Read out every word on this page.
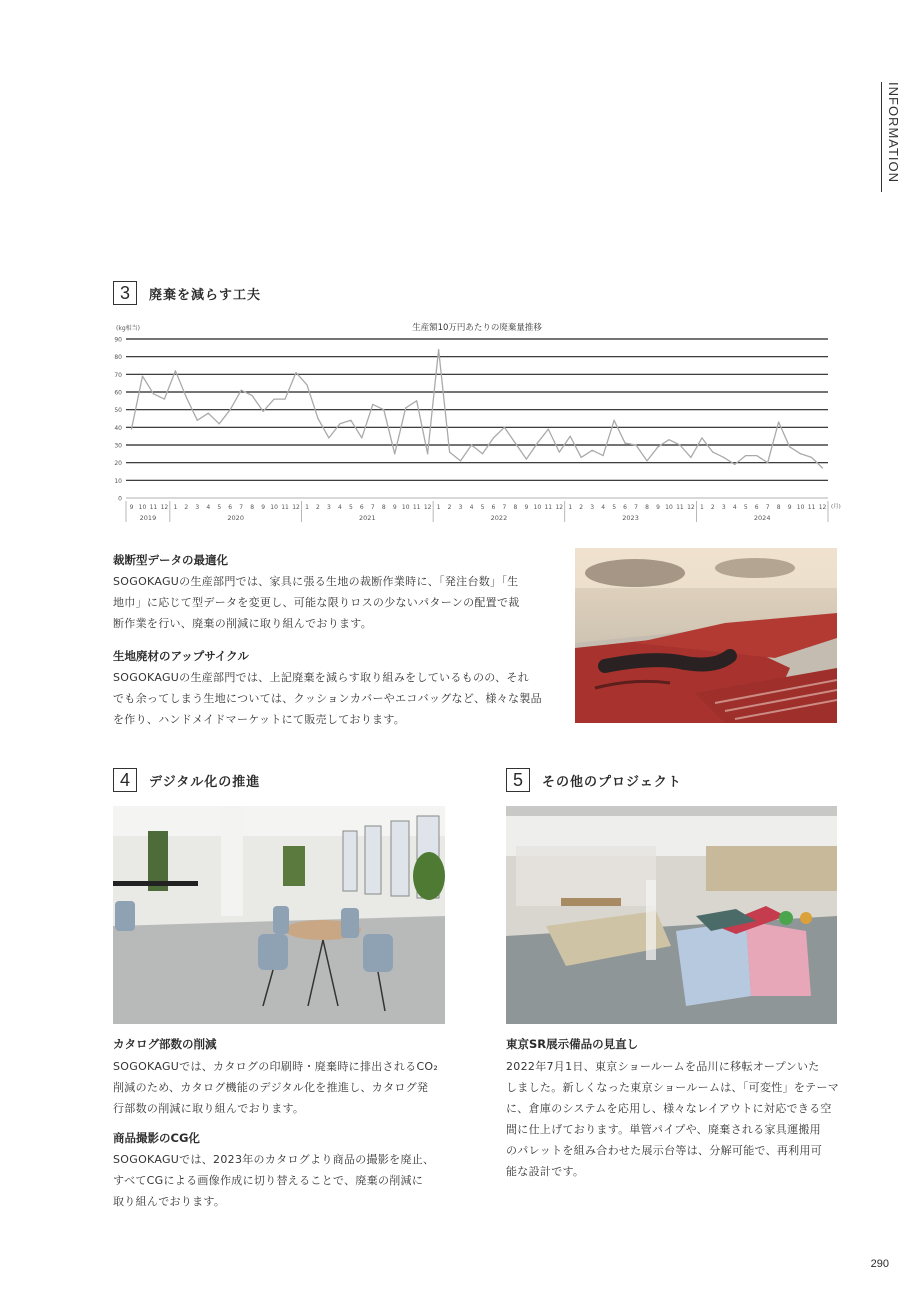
INFORMATION
3	廃棄を減らす工夫
生産額10万円あたりの廃棄量推移
(kg相当)
0
10
20
30
40
50
60
70
80
90
9 10 11 12 1 2 3 4 5 6 7 8 9 10 11 12 1 2 3 4 5 6 7 8 9 10 11 12 1 2 3 4 5 6 7 8 9 10 11 12 1 2 3 4 5 6 7 8 9 10 11 12 1 2 3 4 5 6 7 8 9 10 11 12
2019	2020	2021	2022	2023	2024
(月)
裁断型データの最適化
SOGOKAGUの生産部門では、家具に張る生地の裁断作業時に、「発注台数」「生
地巾」に応じて型データを変更し、可能な限りロスの少ないパターンの配置で裁
断作業を行い、廃棄の削減に取り組んでおります。
生地廃材のアップサイクル
SOGOKAGUの生産部門では、上記廃棄を減らす取り組みをしているものの、それ
でも余ってしまう生地については、クッションカバーやエコバッグなど、様々な製品
を作り、ハンドメイドマーケットにて販売しております。
4	デジタル化の推進
カタログ部数の削減
SOGOKAGUでは、カタログの印刷時・廃棄時に排出されるCO₂
削減のため、カタログ機能のデジタル化を推進し、カタログ発
行部数の削減に取り組んでおります。
商品撮影のCG化
SOGOKAGUでは、2023年のカタログより商品の撮影を廃止、
すべてCGによる画像作成に切り替えることで、廃棄の削減に
取り組んでおります。
5	その他のプロジェクト
東京SR展示備品の見直し
2022年7月1日、東京ショールームを品川に移転オープンいた
しました。新しくなった東京ショールームは、「可変性」をテーマ
に、倉庫のシステムを応用し、様々なレイアウトに対応できる空
間に仕上げております。単管パイプや、廃棄される家具運搬用
のパレットを組み合わせた展示台等は、分解可能で、再利用可
能な設計です。
290
